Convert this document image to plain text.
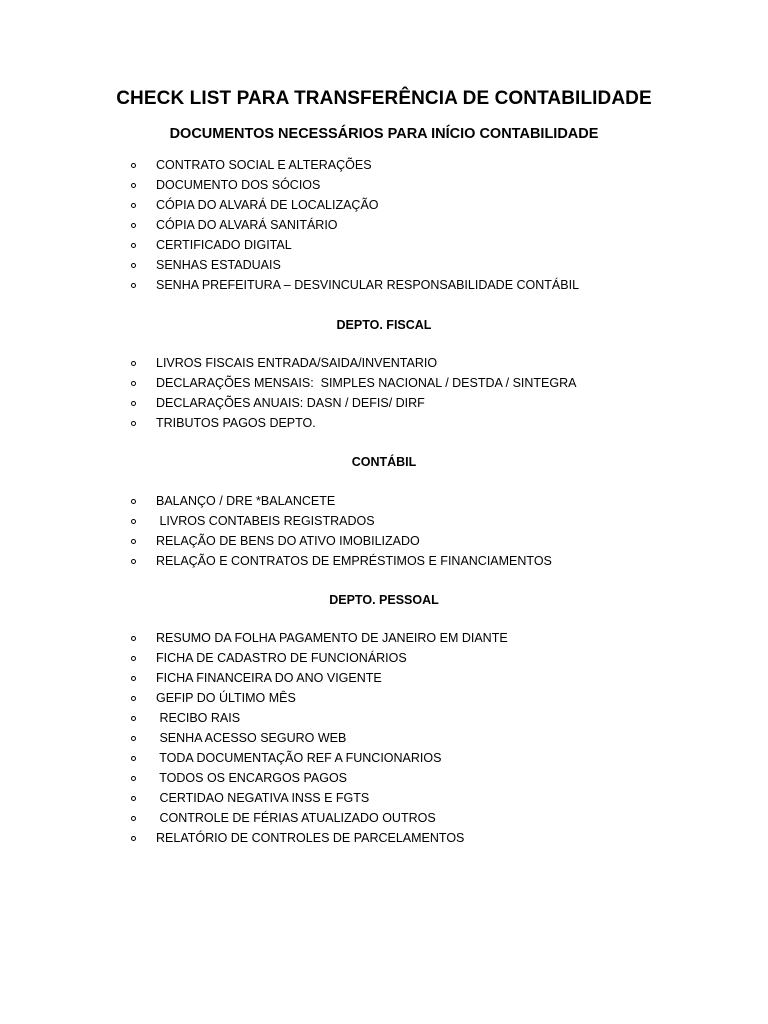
CHECK LIST PARA TRANSFERÊNCIA DE CONTABILIDADE
DOCUMENTOS NECESSÁRIOS PARA INÍCIO CONTABILIDADE
CONTRATO SOCIAL E ALTERAÇÕES
DOCUMENTO DOS SÓCIOS
CÓPIA DO ALVARÁ DE LOCALIZAÇÃO
CÓPIA DO ALVARÁ SANITÁRIO
CERTIFICADO DIGITAL
SENHAS ESTADUAIS
SENHA PREFEITURA – DESVINCULAR RESPONSABILIDADE CONTÁBIL
DEPTO. FISCAL
LIVROS FISCAIS ENTRADA/SAIDA/INVENTARIO
DECLARAÇÕES MENSAIS:  SIMPLES NACIONAL / DESTDA / SINTEGRA
DECLARAÇÕES ANUAIS: DASN / DEFIS/ DIRF
TRIBUTOS PAGOS DEPTO.
CONTÁBIL
BALANÇO / DRE *BALANCETE
LIVROS CONTABEIS REGISTRADOS
RELAÇÃO DE BENS DO ATIVO IMOBILIZADO
RELAÇÃO E CONTRATOS DE EMPRÉSTIMOS E FINANCIAMENTOS
DEPTO. PESSOAL
RESUMO DA FOLHA PAGAMENTO DE JANEIRO EM DIANTE
FICHA DE CADASTRO DE FUNCIONÁRIOS
FICHA FINANCEIRA DO ANO VIGENTE
GEFIP DO ÚLTIMO MÊS
RECIBO RAIS
SENHA ACESSO SEGURO WEB
TODA DOCUMENTAÇÃO REF A FUNCIONARIOS
TODOS OS ENCARGOS PAGOS
CERTIDAO NEGATIVA INSS E FGTS
CONTROLE DE FÉRIAS ATUALIZADO OUTROS
RELATÓRIO DE CONTROLES DE PARCELAMENTOS
